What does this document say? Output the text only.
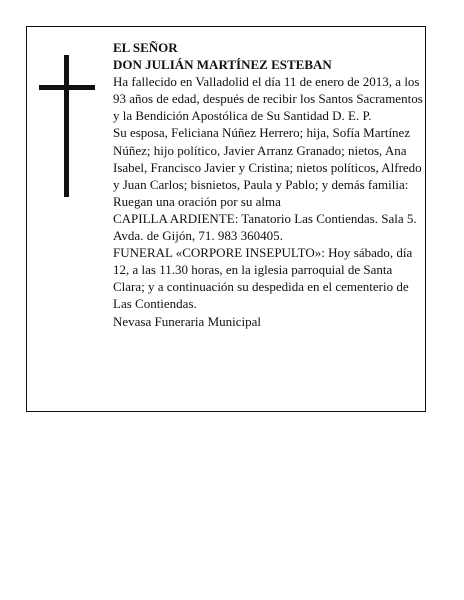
EL SEÑOR

DON JULIÁN MARTÍNEZ ESTEBAN

Ha fallecido en Valladolid el día 11 de enero de 2013, a los 93 años de edad, después de recibir los Santos Sacramentos y la Bendición Apostólica de Su Santidad D. E. P.

Su esposa, Feliciana Núñez Herrero; hija, Sofía Martínez Núñez; hijo político, Javier Arranz Granado; nietos, Ana Isabel, Francisco Javier y Cristina; nietos políticos, Alfredo y Juan Carlos; bisnietos, Paula y Pablo; y demás familia:

Ruegan una oración por su alma

CAPILLA ARDIENTE: Tanatorio Las Contiendas. Sala 5. Avda. de Gijón, 71. 983 360405.

FUNERAL «CORPORE INSEPULTO»: Hoy sábado, día 12, a las 11.30 horas, en la iglesia parroquial de Santa Clara; y a continuación su despedida en el cementerio de Las Contiendas.

Nevasa Funeraria Municipal
